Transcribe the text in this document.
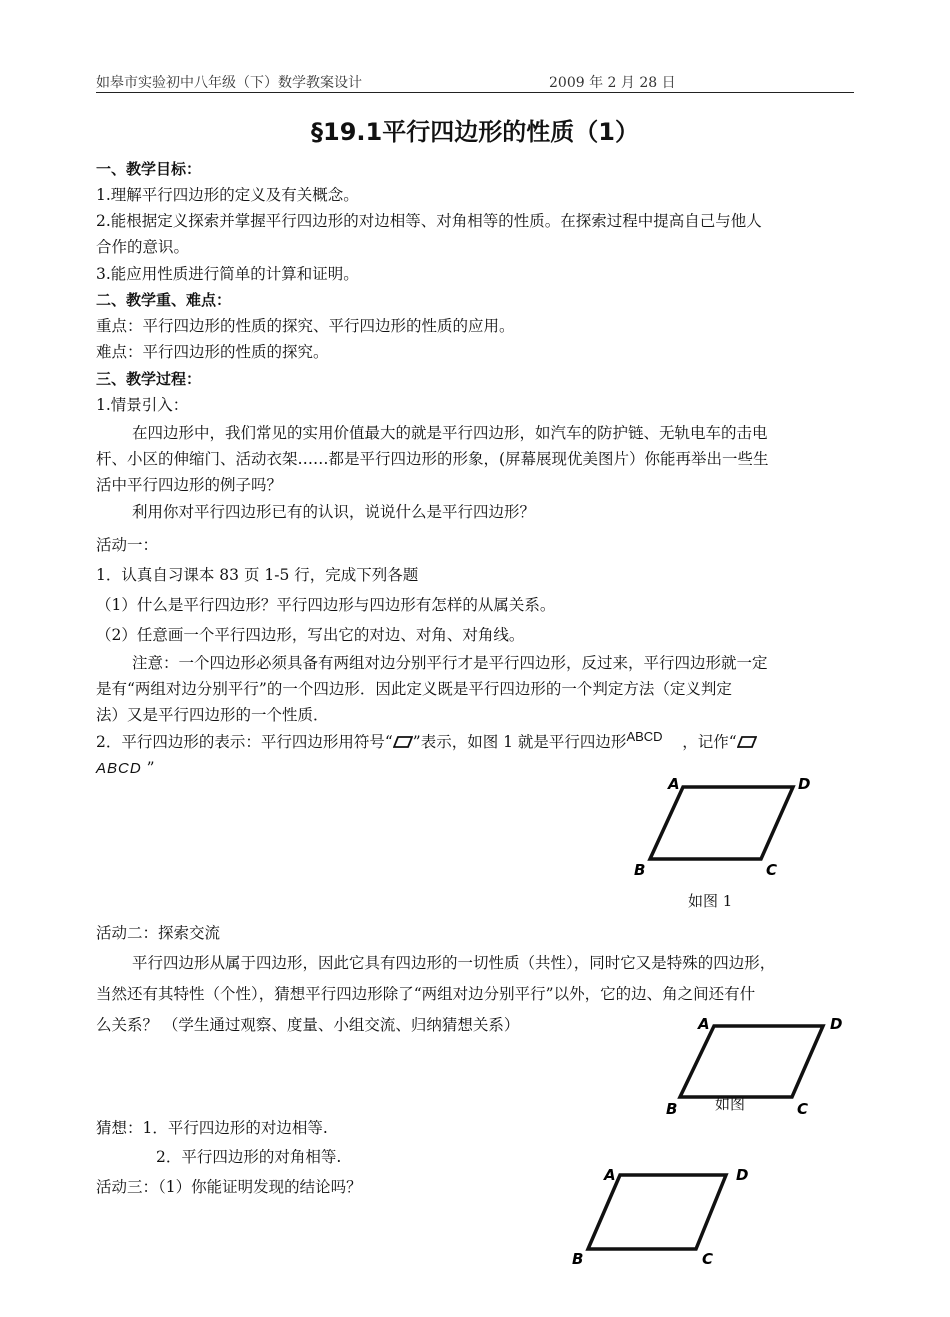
如皋市实验初中八年级（下）数学教案设计	2009 年 2 月 28 日
§19.1平行四边形的性质（1）
一、教学目标：
1.理解平行四边形的定义及有关概念。
2.能根据定义探索并掌握平行四边形的对边相等、对角相等的性质。在探索过程中提高自己与他人
合作的意识。
3.能应用性质进行简单的计算和证明。
二、教学重、难点：
重点：平行四边形的性质的探究、平行四边形的性质的应用。
难点：平行四边形的性质的探究。
三、教学过程：
1.情景引入：
在四边形中，我们常见的实用价值最大的就是平行四边形，如汽车的防护链、无轨电车的击电
杆、小区的伸缩门、活动衣架……都是平行四边形的形象，(屏幕展现优美图片）你能再举出一些生
活中平行四边形的例子吗？
利用你对平行四边形已有的认识，说说什么是平行四边形？
活动一：
1．认真自习课本 83 页 1-5 行，完成下列各题
（1）什么是平行四边形？平行四边形与四边形有怎样的从属关系。
（2）任意画一个平行四边形，写出它的对边、对角、对角线。
注意：一个四边形必须具备有两组对边分别平行才是平行四边形，反过来，平行四边形就一定
是有“两组对边分别平行”的一个四边形．因此定义既是平行四边形的一个判定方法（定义判定
法）又是平行四边形的一个性质．
2．平行四边形的表示：平行四边形用符号“ ”表示，如图 1 就是平行四边形$^{ABCD}$ ，记作“
ABCD ”
A	D
B	C
如图 1
活动二：探索交流
平行四边形从属于四边形，因此它具有四边形的一切性质（共性），同时它又是特殊的四边形，
当然还有其特性（个性），猜想平行四边形除了“两组对边分别平行”以外，它的边、角之间还有什
么关系？ （学生通过观察、度量、小组交流、归纳猜想关系）	A	D
B	C
如图
猜想：1．平行四边形的对边相等.
2．平行四边形的对角相等.
活动三：（1）你能证明发现的结论吗？
A	D
B	C
